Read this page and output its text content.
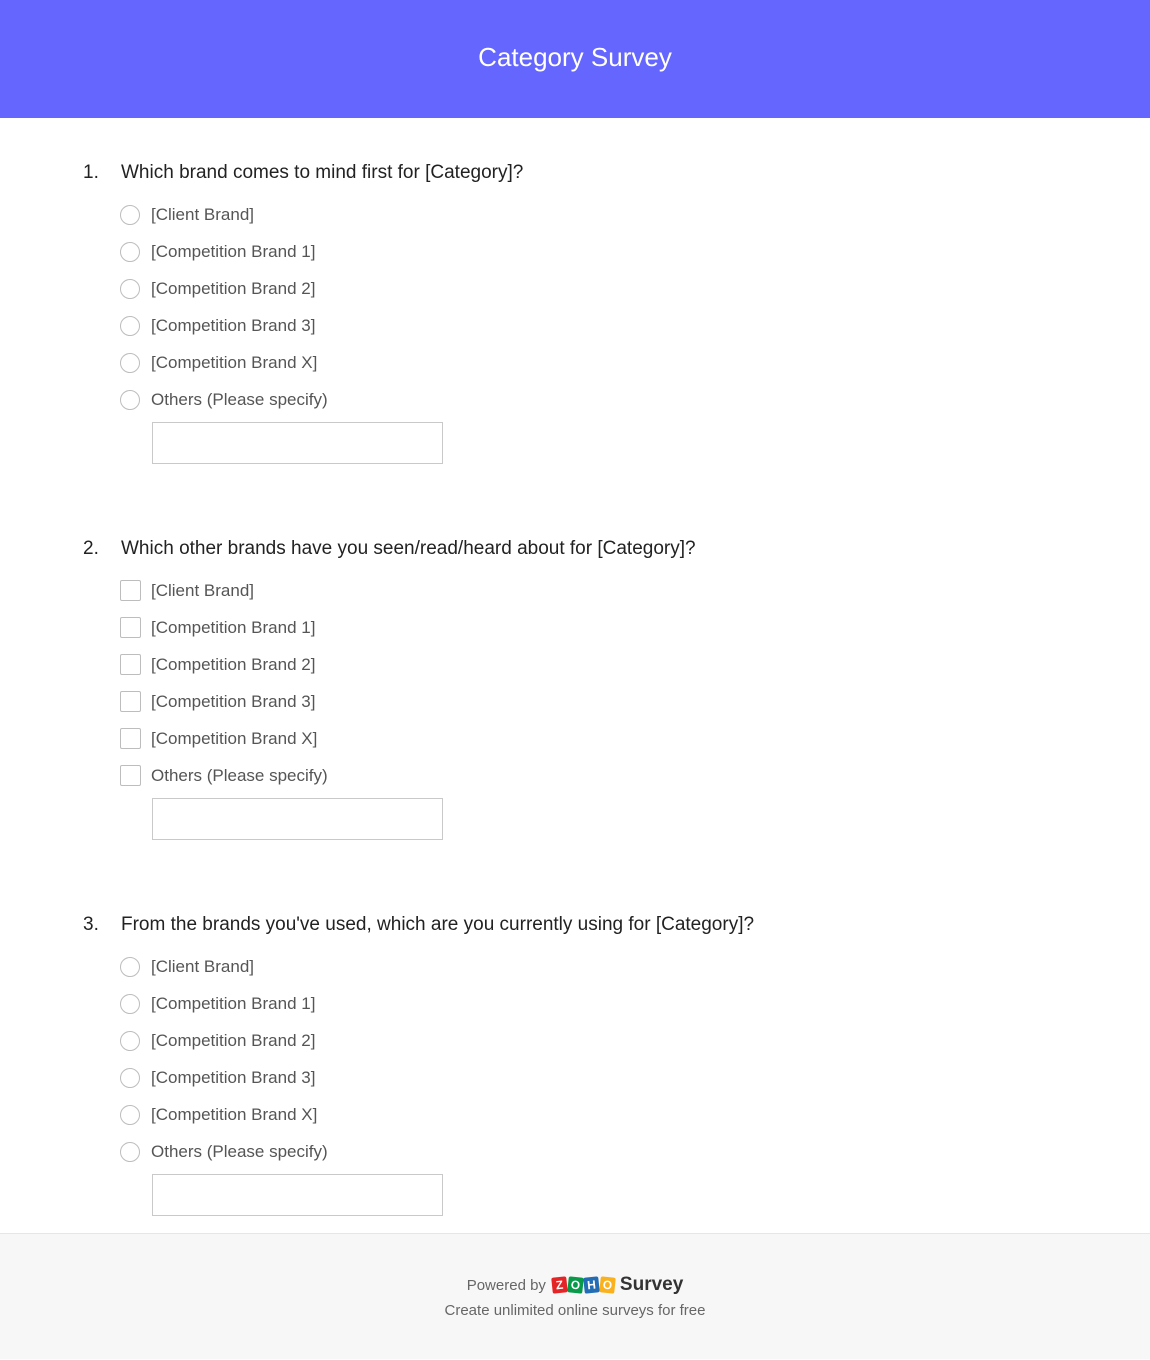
Category Survey
1.	Which brand comes to mind first for [Category]?
[Client Brand]
[Competition Brand 1]
[Competition Brand 2]
[Competition Brand 3]
[Competition Brand X]
Others (Please specify)
2.	Which other brands have you seen/read/heard about for [Category]?
[Client Brand]
[Competition Brand 1]
[Competition Brand 2]
[Competition Brand 3]
[Competition Brand X]
Others (Please specify)
3.	From the brands you've used, which are you currently using for [Category]?
[Client Brand]
[Competition Brand 1]
[Competition Brand 2]
[Competition Brand 3]
[Competition Brand X]
Others (Please specify)
Powered by Z O H O Survey
Create unlimited online surveys for free
